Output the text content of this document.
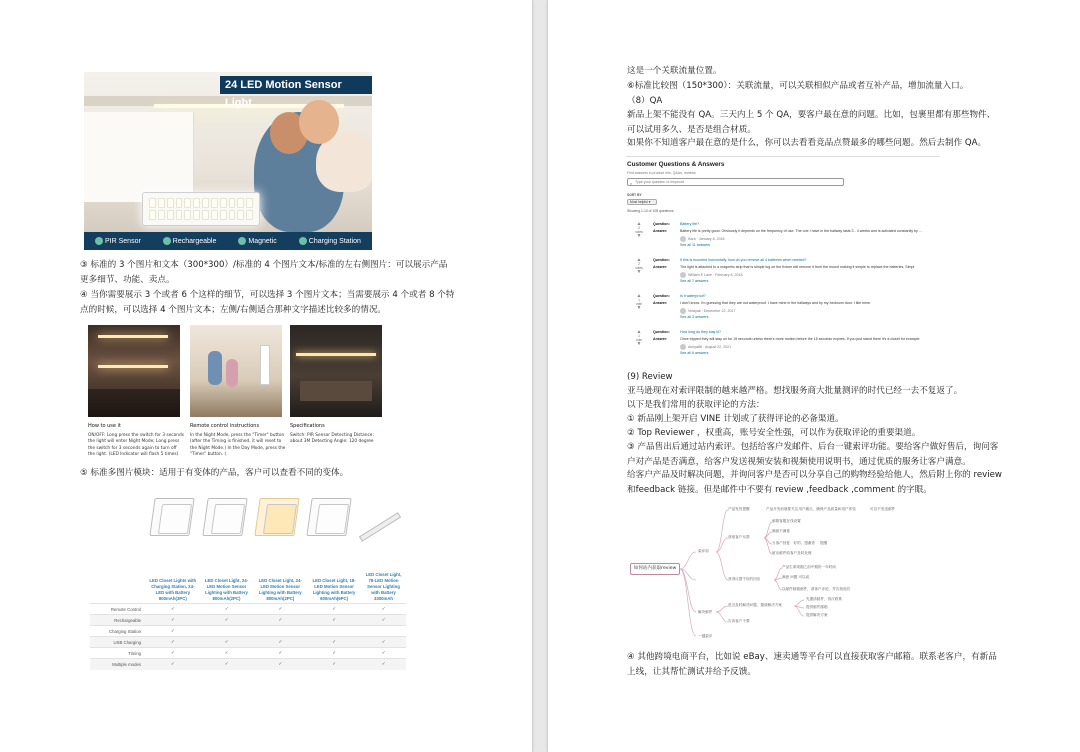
24 LED Motion Sensor Light
PIR Sensor	Rechargeable	Magnetic	Charging Station
③ 标准的 3 个图片和文本（300*300）/标准的 4 个图片文本/标准的左右侧图片：可以展示产品更多细节、功能、卖点。
④ 当你需要展示 3 个或者 6 个这样的细节，可以选择 3 个图片文本；当需要展示 4 个或者 8 个特点的时候，可以选择 4 个图片文本；左侧/右侧适合那种文字描述比较多的情况。
How to use it
ON/OFF: Long press the switch for 3 seconds the light will enter Night Mode; Long press the switch for 3 seconds again to turn off the light. (LED Indicator will flash 5 times)
Remote control instructions
In the Night Mode, press the "Timer" button (after the Timing is finished, it will reset to the Night Mode.) In the Day Mode, press the "Timer" button. (
Specifications
Switch: PIR Sensor Detecting Distance: about 3M Detecting Angle: 120 degree
⑤ 标准多图片模块：适用于有变体的产品，客户可以查看不同的变体。
	LED Closet Lights with Charging Station, 24-LED with Battery 800mAh(3PC)	LED Closet Light, 24-LED Motion Sensor Lighting with Battery 800mAh(2PC)	LED Closet Light, 24-LED Motion Sensor Lighting with Battery 800mAh(2PC)	LED Closet Light, 18-LED Motion Sensor Lighting with Battery 600mAh(6PC)	LED Closet Light, 78-LED Motion Sensor Lighting with Battery 3300mAh
Remote Control	✓	✓	✓	✓	✓
Rechargeable	✓	✓	✓	✓	✓
Charging Station	✓				
USB Charging	✓	✓	✓	✓	✓
Timing	✓	✓	✓	✓	✓
Multiple modes	✓	✓	✓	✓	✓
这是一个关联流量位置。
⑥标准比较图（150*300）：关联流量，可以关联相似产品或者互补产品，增加流量入口。
（8）QA
新品上架不能没有 QA。三天内上 5 个 QA，要客户最在意的问题。比如，包裹里都有那些物件、可以试用多久、是否是组合材质。
如果你不知道客户最在意的是什么，你可以去看看竞品点赞最多的哪些问题。然后去制作 QA。
Customer Questions & Answers
Find answers in product info, Q&As, reviews
⌕ Type your question or keyword
SORT BY
Most helpful ▾
Showing 1-10 of 108 questions
▲
2
votes
▼
Question:	Battery life?
Answer:	Battery life is pretty good. Obviously it depends on the frequency of use. The one I have in the hallway lasts 3 - 4 weeks and is activated constantly by ...
Kara · January 8, 2018
See all 11 answers
▲
2
votes
▼
Question:	If this is mounted horizontally, how do you remove all 4 batteries when needed?
Answer:	The light is attached to a magnetic strip that is simple lug on the fixture will remove it from the mount making it simple to replace the batteries. Simpl
William E Lane · February 8, 2018
See all 7 answers
▲
1
vote
▼
Question:	Is it waterproof?
Answer:	I don't know. I'm guessing that they are not waterproof. I have mine in the hallways and by my bedroom door. I like mine.
Vinayak · December 22, 2017
See all 3 answers
▲
1
vote
▼
Question:	How long do they stay lit?
Answer:	Once tripped they will stay on for 15 seconds unless there's more motion before the 15 seconds expires. If you just stand there it's a closet for example
Amiya88 · August 22, 2021
See all 6 answers
(9) Review
亚马逊现在对索评限制的越来越严格。想找服务商大批量测评的时代已经一去不复返了。
以下是我们常用的获取评论的方法：
① 新品刚上架开启 VINE 计划或了获得评论的必备渠道。
② Top Reviewer ，权重高，账号安全性强，可以作为获取评论的重要渠道。
③ 产品售出后通过站内索评。包括给客户发邮件、后台一键索评功能。要给客户做好售后，询问客户对产品是否满意，给客户发送视频安装和视频使用说明书，通过优质的服务让客户满意。
给客户产品及时解决问题，并询问客户是否可以分享自己的购物经验给他人，然后附上你的 review 和feedback 链接。但是邮件中不要有 review ,feedback ,comment 的字眼。
如何站内获取review
索评前
解决邮件
一键索评
产品发货提醒
获取客户反馈
获得反馈不好的回应
产品开发前就要关注用户痛点，确保产品质量和用户体验	可以不发送邮件
邮箱客服在线设置
满意不满意
当客户回复：好的，感谢你 提醒
留出邮件给客户及时处理
产品生命周期之前中期的一年时间
满意 问题 可以说
以邮件邮箱邮件，请客户评论，并告知他们
是否及时解决问题，邀请解决方案
告诉客户不要
先邀请邮件，再次联系
提供邮件邮箱
提供解决方案
④ 其他跨境电商平台，比如说 eBay、速卖通等平台可以直接获取客户邮箱。联系老客户，有新品上线，让其帮忙测试并给予反馈。
